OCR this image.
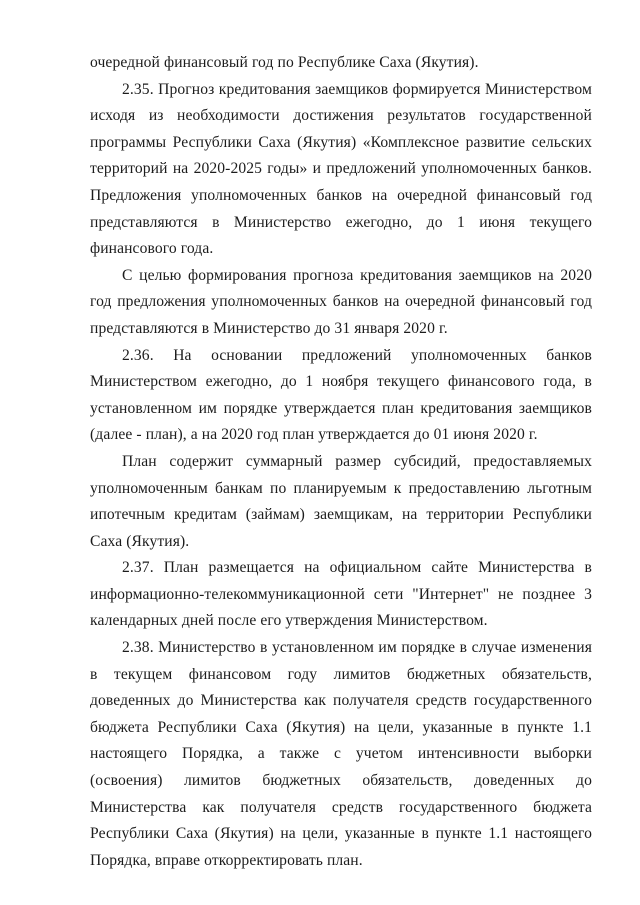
очередной финансовый год по Республике Саха (Якутия).

2.35. Прогноз кредитования заемщиков формируется Министерством исходя из необходимости достижения результатов государственной программы Республики Саха (Якутия) «Комплексное развитие сельских территорий на 2020-2025 годы» и предложений уполномоченных банков. Предложения уполномоченных банков на очередной финансовый год представляются в Министерство ежегодно, до 1 июня текущего финансового года.

С целью формирования прогноза кредитования заемщиков на 2020 год предложения уполномоченных банков на очередной финансовый год представляются в Министерство до 31 января 2020 г.

2.36. На основании предложений уполномоченных банков Министерством ежегодно, до 1 ноября текущего финансового года, в установленном им порядке утверждается план кредитования заемщиков (далее - план), а на 2020 год план утверждается до 01 июня 2020 г.

План содержит суммарный размер субсидий, предоставляемых уполномоченным банкам по планируемым к предоставлению льготным ипотечным кредитам (займам) заемщикам, на территории Республики Саха (Якутия).

2.37. План размещается на официальном сайте Министерства в информационно-телекоммуникационной сети "Интернет" не позднее 3 календарных дней после его утверждения Министерством.

2.38. Министерство в установленном им порядке в случае изменения в текущем финансовом году лимитов бюджетных обязательств, доведенных до Министерства как получателя средств государственного бюджета Республики Саха (Якутия) на цели, указанные в пункте 1.1 настоящего Порядка, а также с учетом интенсивности выборки (освоения) лимитов бюджетных обязательств, доведенных до Министерства как получателя средств государственного бюджета Республики Саха (Якутия) на цели, указанные в пункте 1.1 настоящего Порядка, вправе откорректировать план.
